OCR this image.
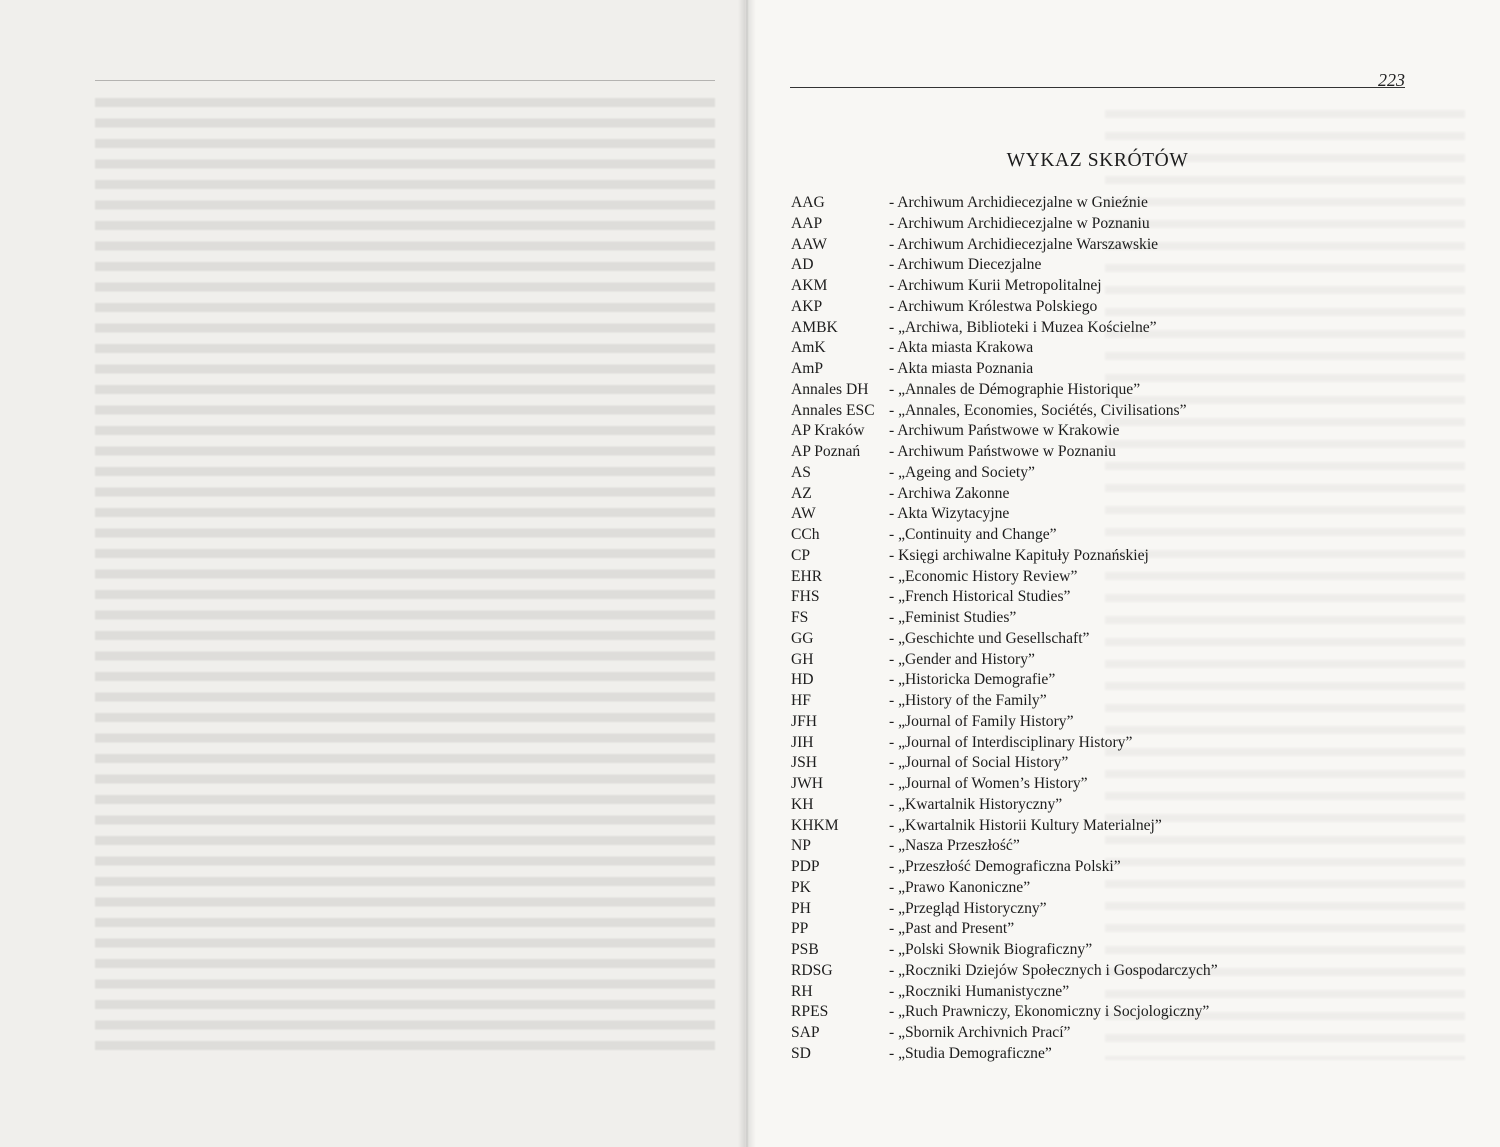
223
WYKAZ SKRÓTÓW
AAG	- Archiwum Archidiecezjalne w Gnieźnie
AAP	- Archiwum Archidiecezjalne w Poznaniu
AAW	- Archiwum Archidiecezjalne Warszawskie
AD	- Archiwum Diecezjalne
AKM	- Archiwum Kurii Metropolitalnej
AKP	- Archiwum Królestwa Polskiego
AMBK	- „Archiwa, Biblioteki i Muzea Kościelne”
AmK	- Akta miasta Krakowa
AmP	- Akta miasta Poznania
Annales DH	- „Annales de Démographie Historique”
Annales ESC - „Annales, Economies, Sociétés, Civilisations”
AP Kraków	- Archiwum Państwowe w Krakowie
AP Poznań	- Archiwum Państwowe w Poznaniu
AS	- „Ageing and Society”
AZ	- Archiwa Zakonne
AW	- Akta Wizytacyjne
CCh	- „Continuity and Change”
CP	- Księgi archiwalne Kapituły Poznańskiej
EHR	- „Economic History Review”
FHS	- „French Historical Studies”
FS	- „Feminist Studies”
GG	- „Geschichte und Gesellschaft”
GH	- „Gender and History”
HD	- „Historicka Demografie”
HF	- „History of the Family”
JFH	- „Journal of Family History”
JIH	- „Journal of Interdisciplinary History”
JSH	- „Journal of Social History”
JWH	- „Journal of Women’s History”
KH	- „Kwartalnik Historyczny”
KHKM	- „Kwartalnik Historii Kultury Materialnej”
NP	- „Nasza Przeszłość”
PDP	- „Przeszłość Demograficzna Polski”
PK	- „Prawo Kanoniczne”
PH	- „Przegląd Historyczny”
PP	- „Past and Present”
PSB	- „Polski Słownik Biograficzny”
RDSG	- „Roczniki Dziejów Społecznych i Gospodarczych”
RH	- „Roczniki Humanistyczne”
RPES	- „Ruch Prawniczy, Ekonomiczny i Socjologiczny”
SAP	- „Sbornik Archivnich Prací”
SD	- „Studia Demograficzne”
